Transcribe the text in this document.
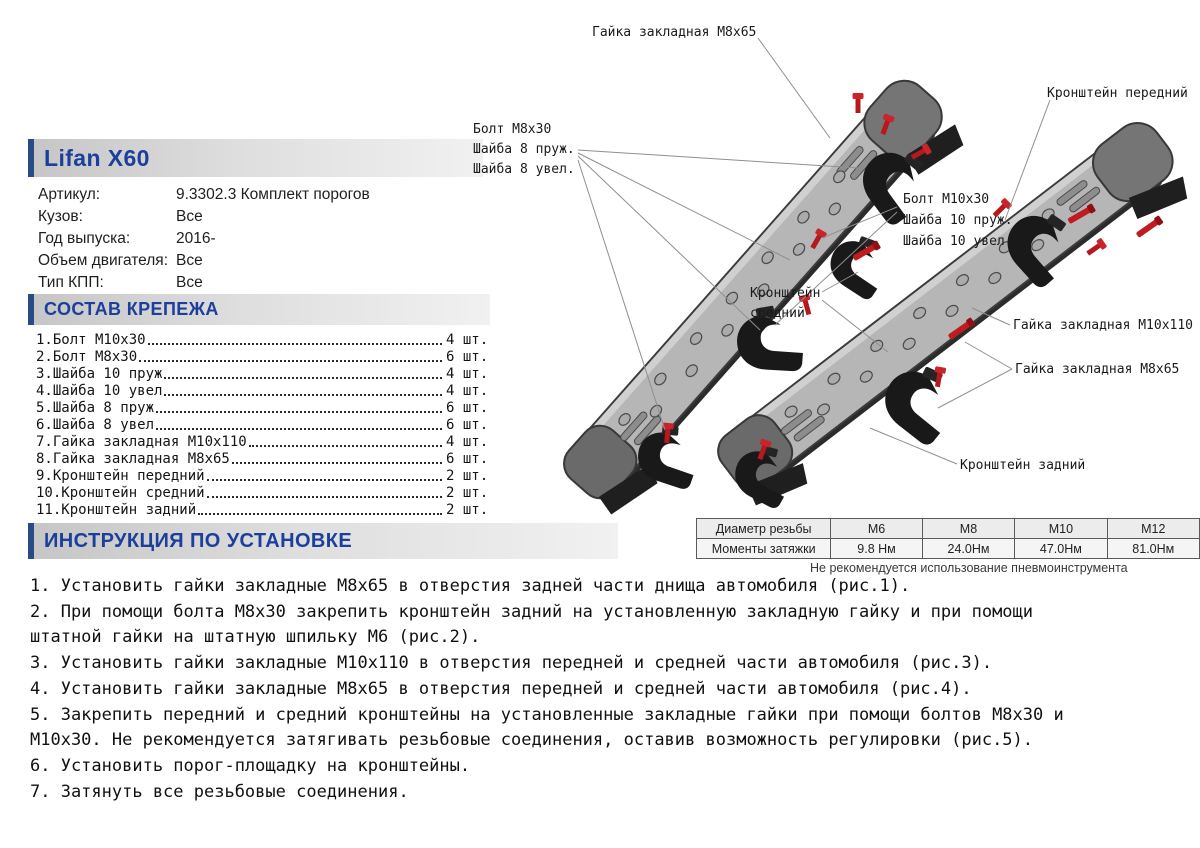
Lifan X60
Артикул:	9.3302.3 Комплект порогов
Кузов:	Все
Год выпуска:	2016-
Объем двигателя: Все
Тип КПП:	Все
СОСТАВ КРЕПЕЖА
1.Болт M10x30	4 шт.
2.Болт M8x30	6 шт.
3.Шайба 10 пруж	4 шт.
4.Шайба 10 увел	4 шт.
5.Шайба 8 пруж	6 шт.
6.Шайба 8 увел	6 шт.
7.Гайка закладная M10x110	4 шт.
8.Гайка закладная M8x65	6 шт.
9.Кронштейн передний	2 шт.
10.Кронштейн средний	2 шт.
11.Кронштейн задний	2 шт.
ИНСТРУКЦИЯ ПО УСТАНОВКЕ
1. Установить гайки закладные M8x65 в отверстия задней части днища автомобиля (рис.1).
2. При помощи болта M8x30 закрепить кронштейн задний на установленную закладную гайку и при помощи штатной гайки на штатную шпильку M6 (рис.2).
3. Установить гайки закладные M10x110 в отверстия передней и средней части автомобиля (рис.3).
4. Установить гайки закладные M8x65 в отверстия передней и средней части автомобиля (рис.4).
5. Закрепить передний и средний кронштейны на установленные закладные гайки при помощи болтов M8x30 и M10x30. Не рекомендуется затягивать резьбовые соединения, оставив возможность регулировки (рис.5).
6. Установить порог-площадку на кронштейны.
7. Затянуть все резьбовые соединения.
Диаметр резьбы	М6	М8	М10	М12
Моменты затяжки	9.8 Нм	24.0Нм	47.0Нм	81.0Нм
Не рекомендуется использование пневмоинструмента
Гайка закладная M8x65
Болт M8x30
Шайба 8 пруж.
Шайба 8 увел.
Кронштейн передний
Болт M10x30
Шайба 10 пруж.
Шайба 10 увел.
Кронштейн
средний
Гайка закладная M10x110
Гайка закладная M8x65
Кронштейн задний
